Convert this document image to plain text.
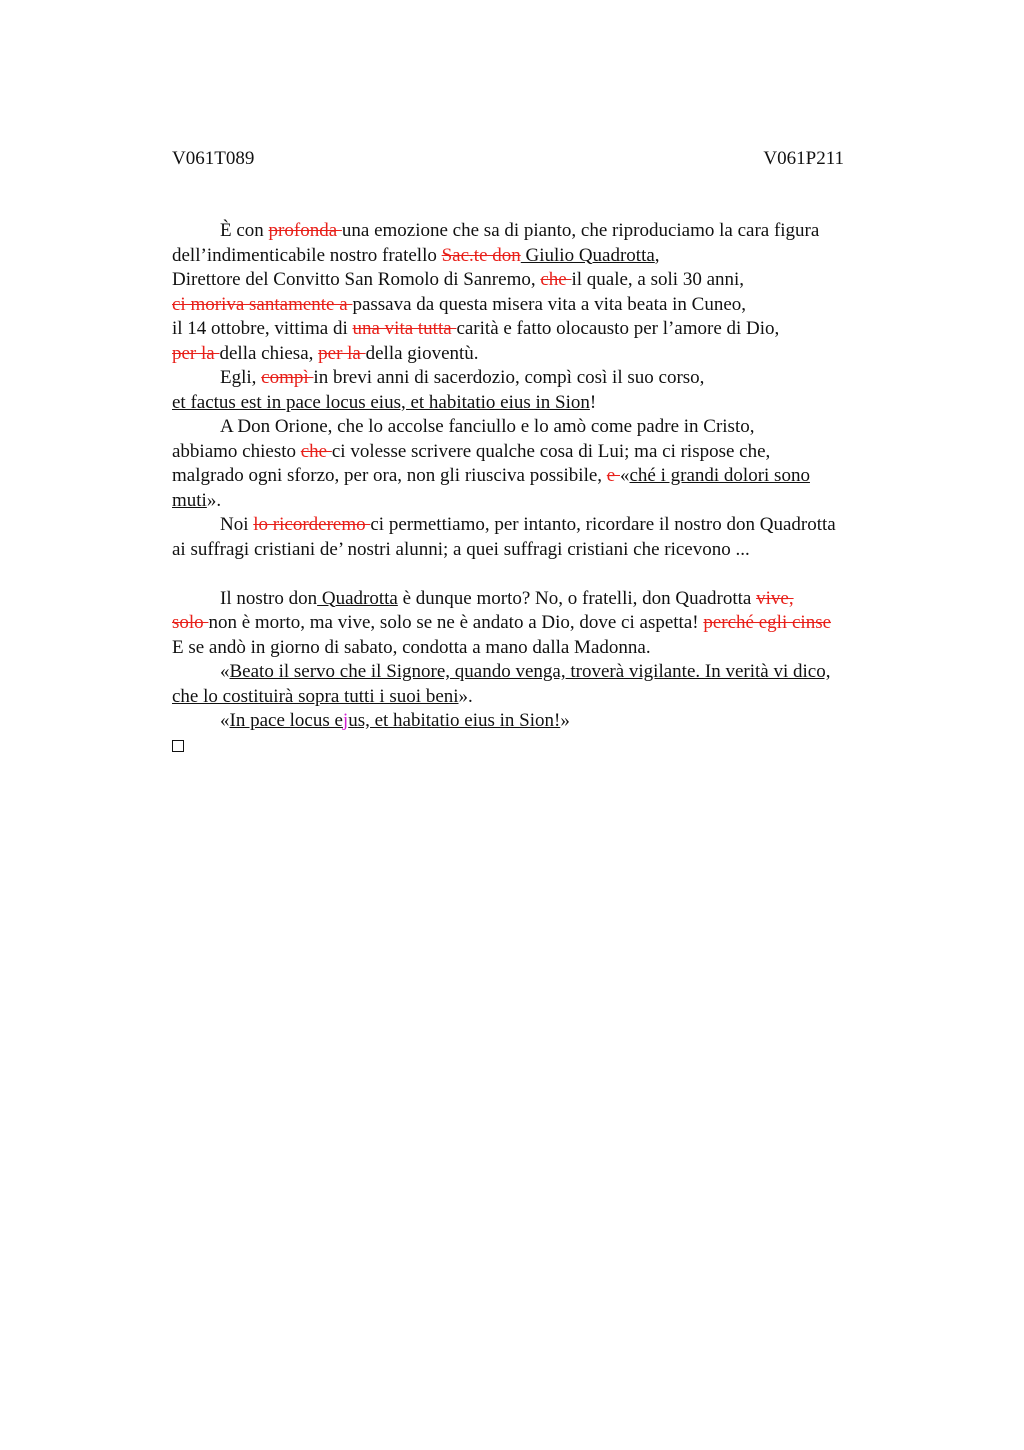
V061T089	V061P211
È con profonda una emozione che sa di pianto, che riproduciamo la cara figura
dell’indimenticabile nostro fratello Sac.te don Giulio Quadrotta,
Direttore del Convitto San Romolo di Sanremo, che il quale, a soli 30 anni,
ci moriva santamente a passava da questa misera vita a vita beata in Cuneo,
il 14 ottobre, vittima di una vita tutta carità e fatto olocausto per l’amore di Dio,
per la della chiesa, per la della gioventù.
Egli, compì in brevi anni di sacerdozio, compì così il suo corso,
et factus est in pace locus eius, et habitatio eius in Sion!
A Don Orione, che lo accolse fanciullo e lo amò come padre in Cristo,
abbiamo chiesto che ci volesse scrivere qualche cosa di Lui; ma ci rispose che,
malgrado ogni sforzo, per ora, non gli riusciva possibile, e «ché i grandi dolori sono
muti».
Noi lo ricorderemo ci permettiamo, per intanto, ricordare il nostro don Quadrotta
ai suffragi cristiani de’ nostri alunni; a quei suffragi cristiani che ricevono ...
Il nostro don Quadrotta è dunque morto? No, o fratelli, don Quadrotta vive,
solo non è morto, ma vive, solo se ne è andato a Dio, dove ci aspetta! perché egli cinse
E se andò in giorno di sabato, condotta a mano dalla Madonna.
«Beato il servo che il Signore, quando venga, troverà vigilante. In verità vi dico,
che lo costituirà sopra tutti i suoi beni».
«In pace locus ejus, et habitatio eius in Sion!»
